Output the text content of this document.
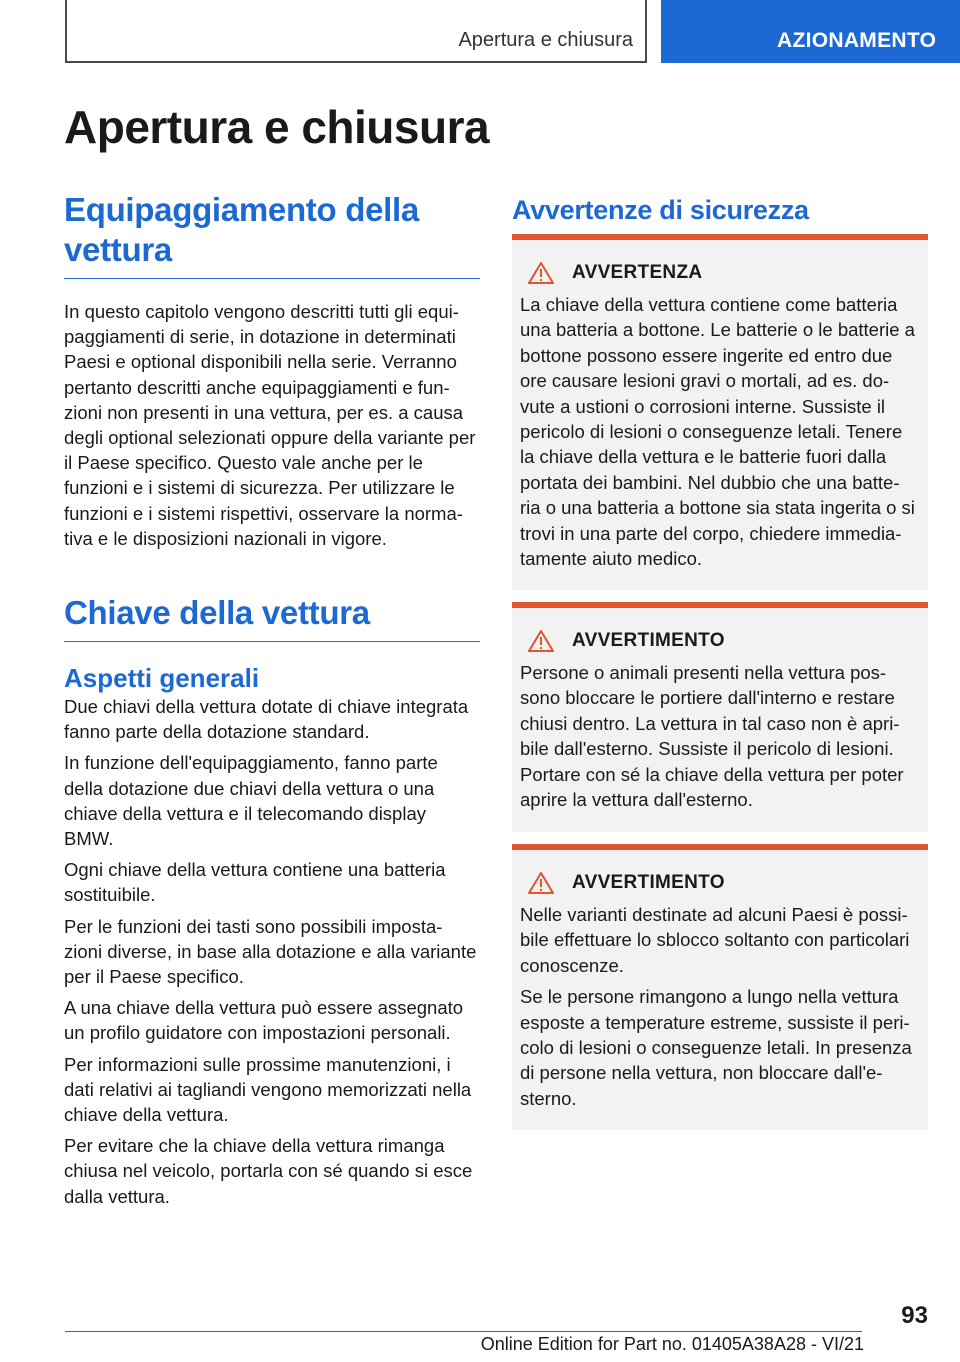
Apertura e chiusura	AZIONAMENTO
Apertura e chiusura
Equipaggiamento della vettura

In questo capitolo vengono descritti tutti gli equi-paggiamenti di serie, in dotazione in determinati Paesi e optional disponibili nella serie. Verranno pertanto descritti anche equipaggiamenti e fun-zioni non presenti in una vettura, per es. a causa degli optional selezionati oppure della variante per il Paese specifico. Questo vale anche per le funzioni e i sistemi di sicurezza. Per utilizzare le funzioni e i sistemi rispettivi, osservare la norma-tiva e le disposizioni nazionali in vigore.

Chiave della vettura
Aspetti generali

Due chiavi della vettura dotate di chiave integrata fanno parte della dotazione standard.

In funzione dell'equipaggiamento, fanno parte della dotazione due chiavi della vettura o una chiave della vettura e il telecomando display BMW.

Ogni chiave della vettura contiene una batteria sostituibile.

Per le funzioni dei tasti sono possibili imposta-zioni diverse, in base alla dotazione e alla variante per il Paese specifico.

A una chiave della vettura può essere assegnato un profilo guidatore con impostazioni personali.

Per informazioni sulle prossime manutenzioni, i dati relativi ai tagliandi vengono memorizzati nella chiave della vettura.

Per evitare che la chiave della vettura rimanga chiusa nel veicolo, portarla con sé quando si esce dalla vettura.

Avvertenze di sicurezza
AVVERTENZA

La chiave della vettura contiene come batteria una batteria a bottone. Le batterie o le batterie a bottone possono essere ingerite ed entro due ore causare lesioni gravi o mortali, ad es. do-vute a ustioni o corrosioni interne. Sussiste il pericolo di lesioni o conseguenze letali. Tenere la chiave della vettura e le batterie fuori dalla portata dei bambini. Nel dubbio che una batte-ria o una batteria a bottone sia stata ingerita o si trovi in una parte del corpo, chiedere immedia-tamente aiuto medico.

AVVERTIMENTO

Persone o animali presenti nella vettura pos-sono bloccare le portiere dall'interno e restare chiusi dentro. La vettura in tal caso non è apri-bile dall'esterno. Sussiste il pericolo di lesioni. Portare con sé la chiave della vettura per poter aprire la vettura dall'esterno.

AVVERTIMENTO

Nelle varianti destinate ad alcuni Paesi è possi-bile effettuare lo sblocco soltanto con particolari conoscenze.

Se le persone rimangono a lungo nella vettura esposte a temperature estreme, sussiste il peri-colo di lesioni o conseguenze letali. In presenza di persone nella vettura, non bloccare dall'e-sterno.

93
Online Edition for Part no. 01405A38A28 - VI/21
